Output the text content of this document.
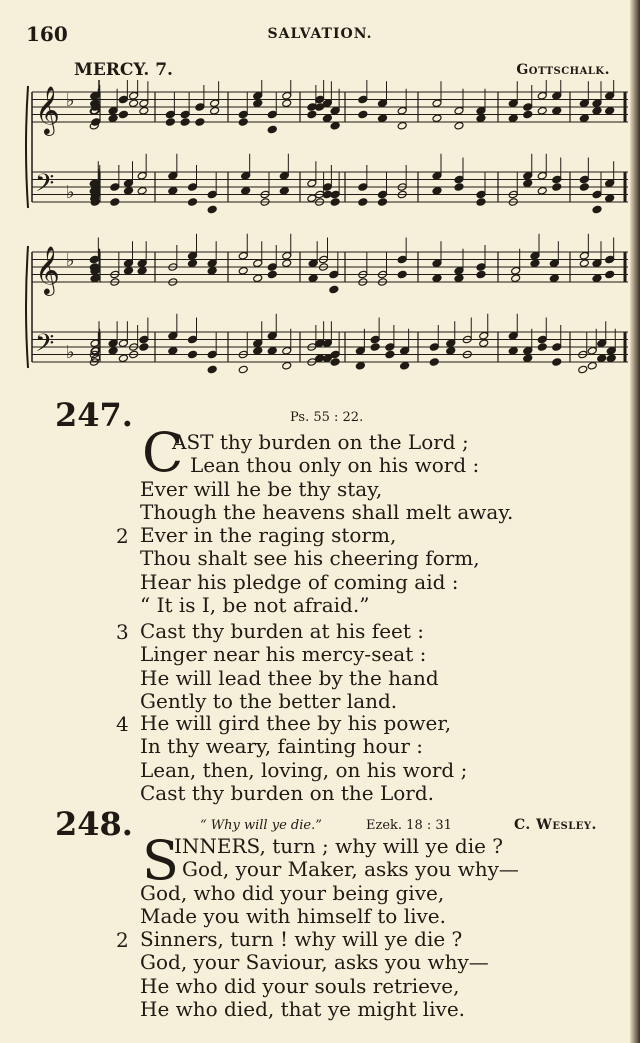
160	SALVATION.
MERCY. 7.	Gottschalk.
𝄞 ♭
𝄢 ♭
𝄞 ♭
𝄢 ♭
247.	Ps. 55 : 22.
C
AST thy burden on the Lord ;
Lean thou only on his word :
Ever will he be thy stay,
Though the heavens shall melt away.
2 Ever in the raging storm,
Thou shalt see his cheering form,
Hear his pledge of coming aid :
“ It is I, be not afraid.”
3 Cast thy burden at his feet :
Linger near his mercy-seat :
He will lead thee by the hand
Gently to the better land.
4 He will gird thee by his power,
In thy weary, fainting hour :
Lean, then, loving, on his word ;
Cast thy burden on the Lord.
248.	“ Why will ye die.”	Ezek. 18 : 31	C. Wesley.
S
INNERS, turn ; why will ye die ?
God, your Maker, asks you why—
God, who did your being give,
Made you with himself to live.
2 Sinners, turn ! why will ye die ?
God, your Saviour, asks you why—
He who did your souls retrieve,
He who died, that ye might live.
